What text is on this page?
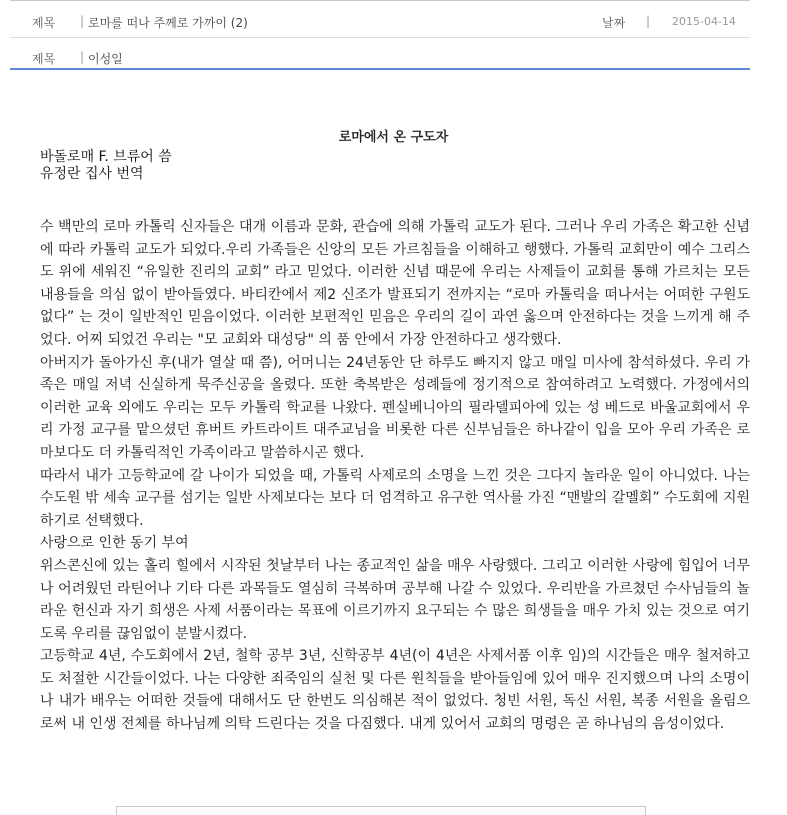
제목 | 로마를 떠나 주께로 가까이 (2)	날짜 | 2015-04-14
제목 | 이성일
로마에서 온 구도자
바돌로매 F. 브류어 씀
유정란 집사 번역

수 백만의 로마 카톨릭 신자들은 대개 이름과 문화, 관습에 의해 가톨릭 교도가 된다. 그러나 우리 가족은 확고한 신념에 따라 카톨릭 교도가 되었다.우리 가족들은 신앙의 모든 가르침들을 이해하고 행했다. 가톨릭 교회만이 예수 그리스도 위에 세워진 “유일한 진리의 교회” 라고 믿었다. 이러한 신념 때문에 우리는 사제들이 교회를 통해 가르치는 모든 내용들을 의심 없이 받아들였다. 바티칸에서 제2 신조가 발표되기 전까지는 “로마 카톨릭을 떠나서는 어떠한 구원도 없다” 는 것이 일반적인 믿음이었다. 이러한 보편적인 믿음은 우리의 길이 과연 옳으며 안전하다는 것을 느끼게 해 주었다. 어찌 되었건 우리는 "모 교회와 대성당" 의 품 안에서 가장 안전하다고 생각했다.

아버지가 돌아가신 후(내가 열살 때 쯤), 어머니는 24년동안 단 하루도 빠지지 않고 매일 미사에 참석하셨다. 우리 가족은 매일 저녁 신실하게 묵주신공을 올렸다. 또한 축복받은 성례들에 정기적으로 참여하려고 노력했다. 가정에서의 이러한 교육 외에도 우리는 모두 카톨릭 학교를 나왔다. 펜실베니아의 필라델피아에 있는 성 베드로 바울교회에서 우리 가정 교구를 맡으셨던 휴버트 카트라이트 대주교님을 비롯한 다른 신부님들은 하나같이 입을 모아 우리 가족은 로마보다도 더 카톨릭적인 가족이라고 말씀하시곤 했다.

따라서 내가 고등학교에 갈 나이가 되었을 때, 가톨릭 사제로의 소명을 느낀 것은 그다지 놀라운 일이 아니었다. 나는 수도원 밖 세속 교구를 섬기는 일반 사제보다는 보다 더 엄격하고 유구한 역사를 가진 “맨발의 갈멜회” 수도회에 지원하기로 선택했다.

사랑으로 인한 동기 부여

위스콘신에 있는 홀리 힐에서 시작된 첫날부터 나는 종교적인 삶을 매우 사랑했다. 그리고 이러한 사랑에 힘입어 너무나 어려웠던 라틴어나 기타 다른 과목들도 열심히 극복하며 공부해 나갈 수 있었다. 우리반을 가르쳤던 수사님들의 놀라운 헌신과 자기 희생은 사제 서품이라는 목표에 이르기까지 요구되는 수 많은 희생들을 매우 가치 있는 것으로 여기도록 우리를 끊임없이 분발시켰다.

고등학교 4년, 수도회에서 2년, 철학 공부 3년, 신학공부 4년(이 4년은 사제서품 이후 임)의 시간들은 매우 철저하고도 처절한 시간들이었다. 나는 다양한 죄죽임의 실천 및 다른 원칙들을 받아들임에 있어 매우 진지했으며 나의 소명이나 내가 배우는 어떠한 것들에 대해서도 단 한번도 의심해본 적이 없었다. 청빈 서원, 독신 서원, 복종 서원을 올림으로써 내 인생 전체를 하나님께 의탁 드린다는 것을 다짐했다. 내게 있어서 교회의 명령은 곧 하나님의 음성이었다.
